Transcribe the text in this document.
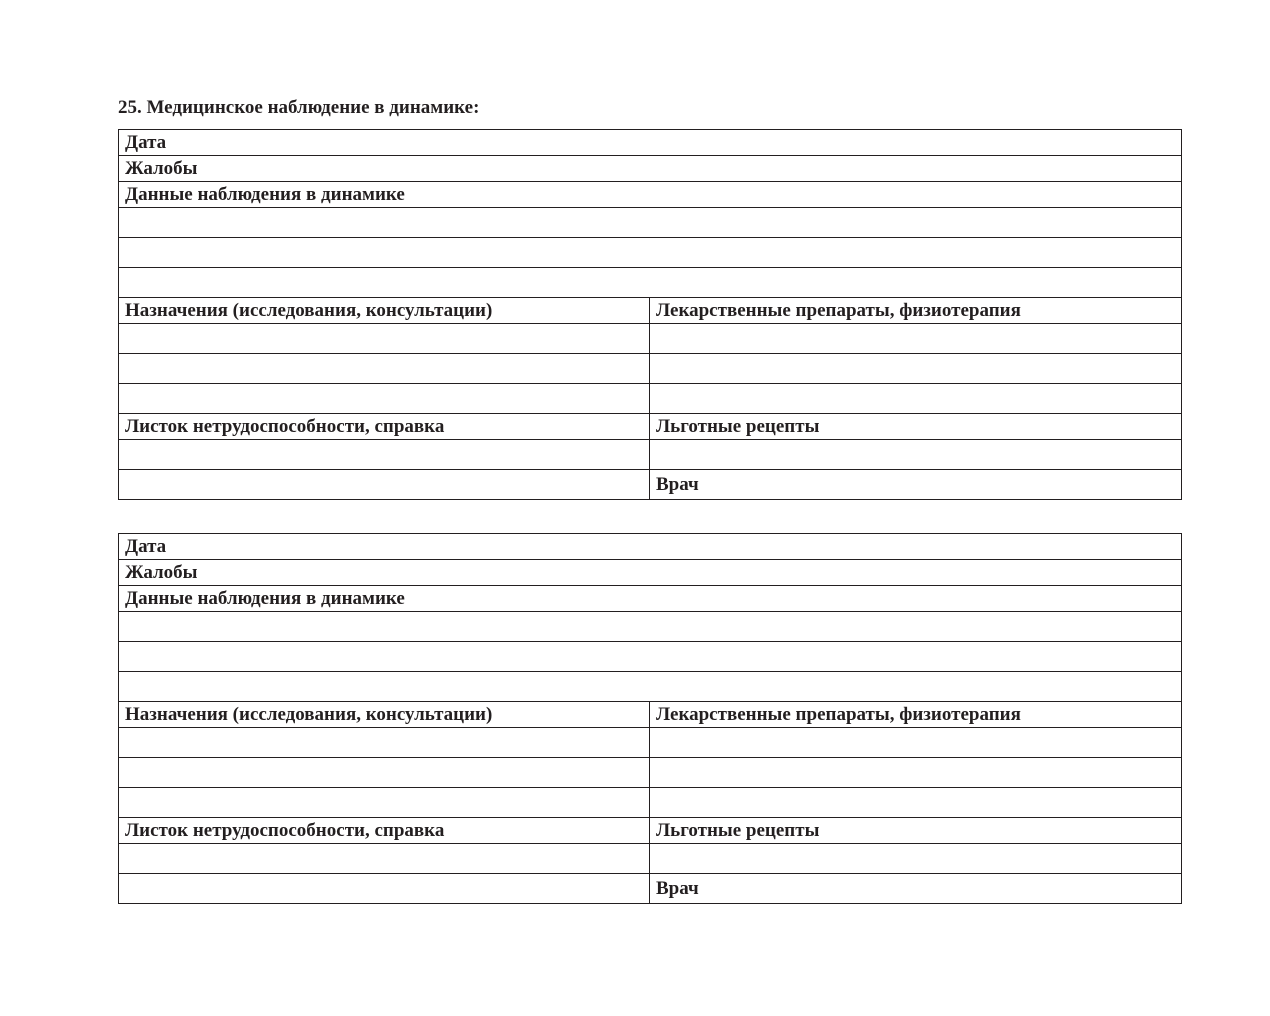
25. Медицинское наблюдение в динамике:
Дата	
Жалобы	
Данные наблюдения в динамике	

Назначения (исследования, консультации)	Лекарственные препараты, физиотерапия

Листок нетрудоспособности, справка	Льготные рецепты

	Врач
Дата	
Жалобы	
Данные наблюдения в динамике	

Назначения (исследования, консультации)	Лекарственные препараты, физиотерапия

Листок нетрудоспособности, справка	Льготные рецепты

	Врач
